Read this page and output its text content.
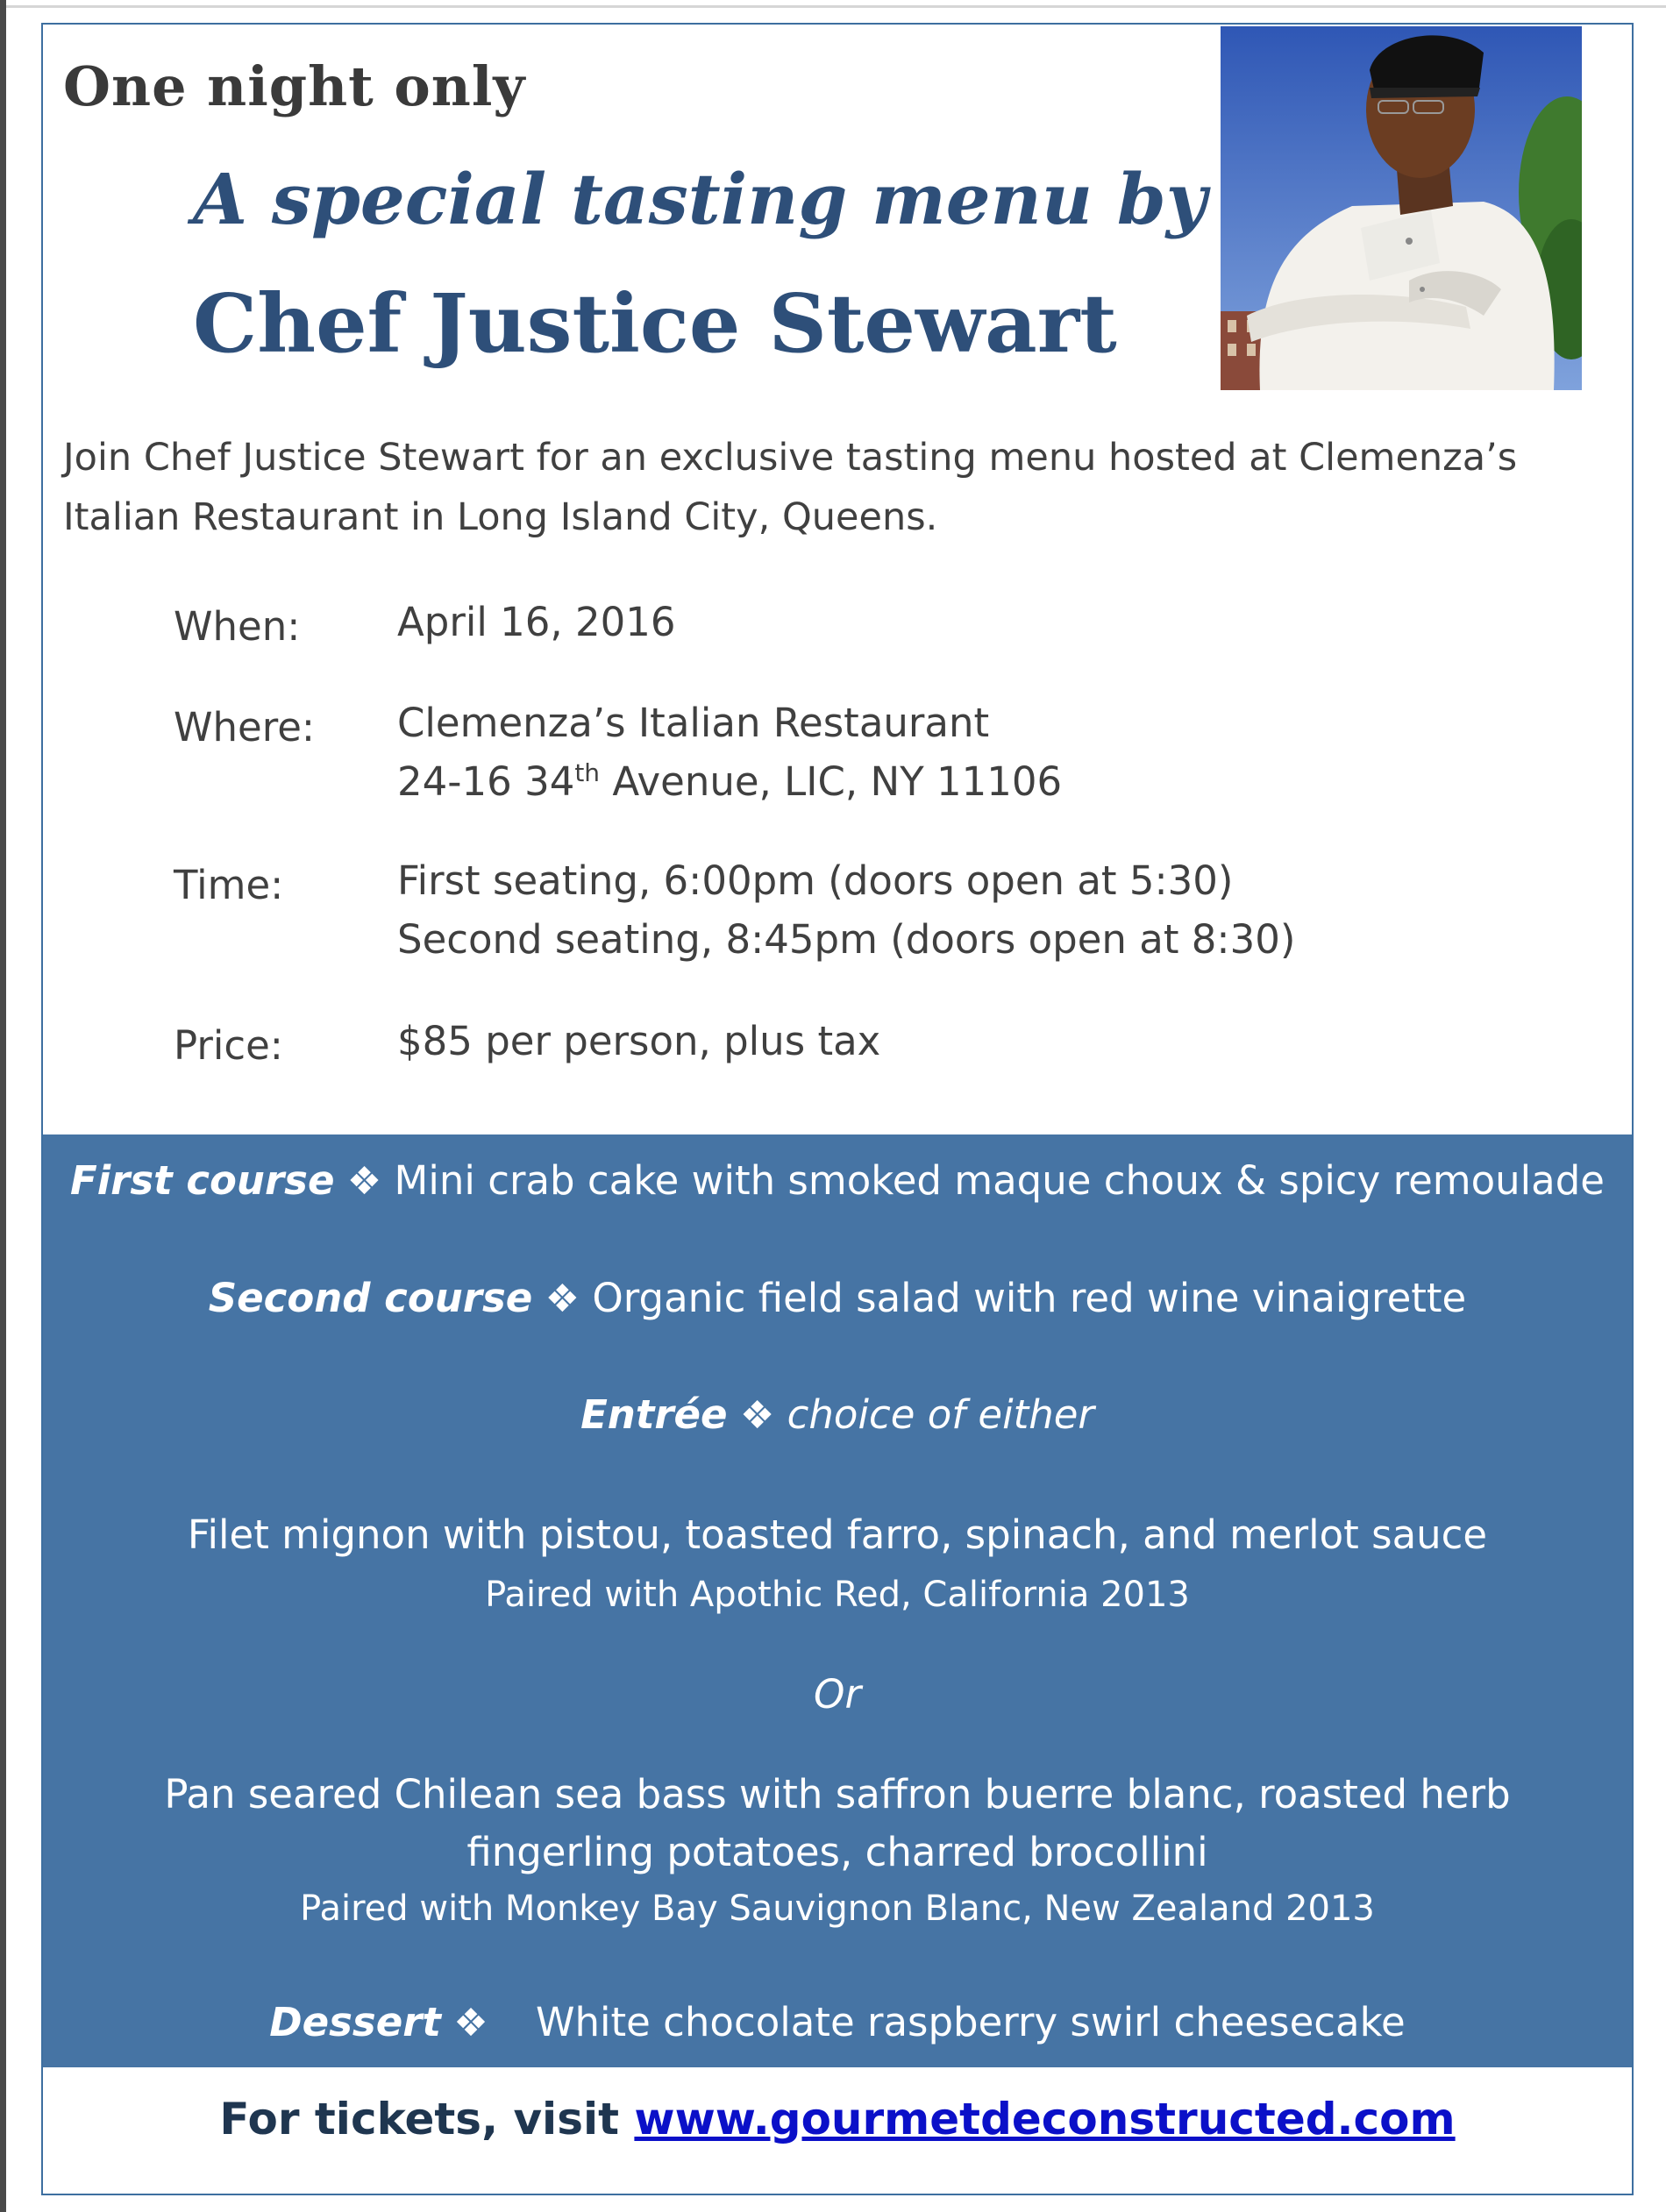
One night only
A special tasting menu by
Chef Justice Stewart

Join Chef Justice Stewart for an exclusive tasting menu hosted at Clemenza’s Italian Restaurant in Long Island City, Queens.

When: April 16, 2016
Where: Clemenza’s Italian Restaurant
24-16 34th Avenue, LIC, NY 11106
Time:	First seating, 6:00pm (doors open at 5:30)
Second seating, 8:45pm (doors open at 8:30)
Price:	$85 per person, plus tax
First course ❖ Mini crab cake with smoked maque choux & spicy remoulade
Second course ❖ Organic field salad with red wine vinaigrette
Entrée ❖ choice of either
Filet mignon with pistou, toasted farro, spinach, and merlot sauce
Paired with Apothic Red, California 2013
Or
Pan seared Chilean sea bass with saffron buerre blanc, roasted herb
fingerling potatoes, charred brocollini
Paired with Monkey Bay Sauvignon Blanc, New Zealand 2013
Dessert ❖ White chocolate raspberry swirl cheesecake
For tickets, visit www.gourmetdeconstructed.com
